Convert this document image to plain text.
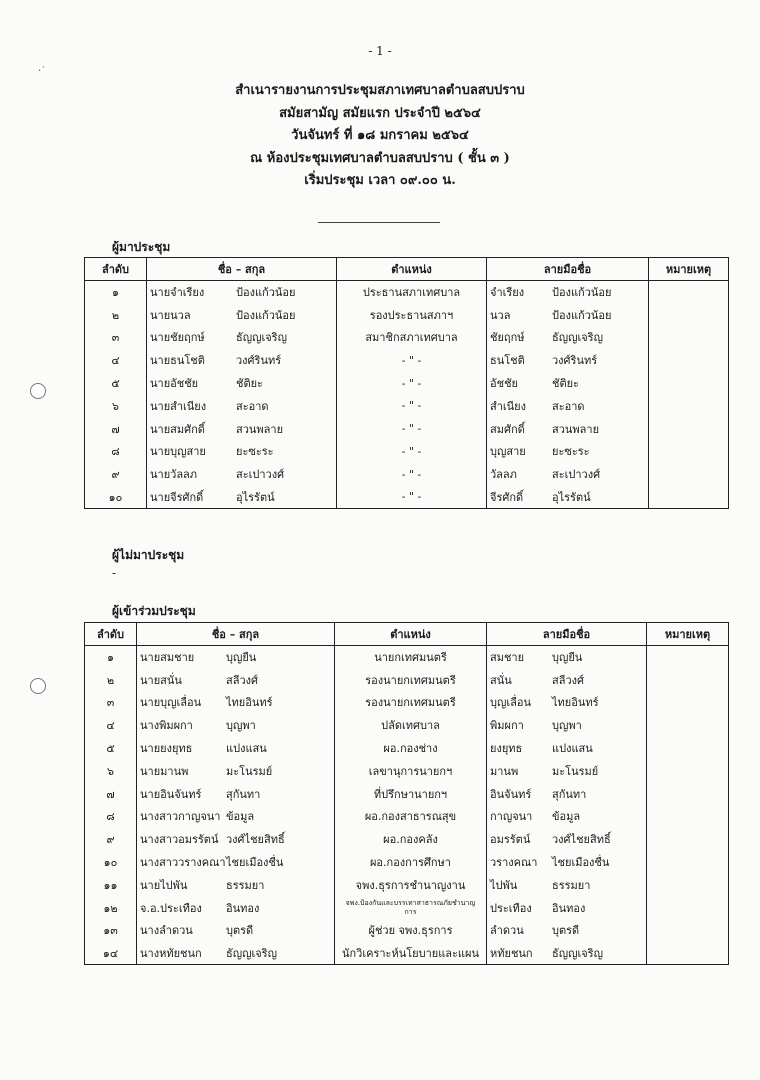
·˙
- 1 -
สำเนารายงานการประชุมสภาเทศบาลตำบลสบปราบ
สมัยสามัญ สมัยแรก ประจำปี ๒๕๖๔
วันจันทร์ ที่ ๑๘ มกราคม ๒๕๖๔
ณ ห้องประชุมเทศบาลตำบลสบปราบ ( ชั้น ๓ )
เริ่มประชุม เวลา ๐๙.๐๐ น.
ผู้มาประชุม
ลำดับ	ชื่อ – สกุล	ตำแหน่ง	ลายมือชื่อ	หมายเหตุ
๑	นายจำเรียง ป้องแก้วน้อย	ประธานสภาเทศบาล	จำเรียง ป้องแก้วน้อย	
๒	นายนวล ป้องแก้วน้อย	รองประธานสภาฯ	นวล ป้องแก้วน้อย	
๓	นายชัยฤกษ์ ธัญญเจริญ	สมาชิกสภาเทศบาล	ชัยฤกษ์ ธัญญเจริญ	
๔	นายธนโชติ วงศ์รินทร์	- " -	ธนโชติ วงศ์รินทร์	
๕	นายอัชชัย ชัติยะ	- " -	อัชชัย ชัติยะ	
๖	นายสำเนียง สะอาด	- " -	สำเนียง สะอาด	
๗	นายสมศักดิ์ สวนพลาย	- " -	สมศักดิ์ สวนพลาย	
๘	นายบุญสาย ยะซะระ	- " -	บุญสาย ยะซะระ	
๙	นายวัลลภ สะเปาวงศ์	- " -	วัลลภ สะเปาวงศ์	
๑๐	นายจีรศักดิ์ อุไรรัตน์	- " -	จีรศักดิ์ อุไรรัตน์	
ผู้ไม่มาประชุม
-
ผู้เข้าร่วมประชุม
ลำดับ	ชื่อ – สกุล	ตำแหน่ง	ลายมือชื่อ	หมายเหตุ
๑	นายสมชาย บุญยืน	นายกเทศมนตรี	สมชาย บุญยืน	
๒	นายสนั่น สลีวงศ์	รองนายกเทศมนตรี	สนั่น สลีวงศ์	
๓	นายบุญเลื่อน ไทยอินทร์	รองนายกเทศมนตรี	บุญเลื่อน ไทยอินทร์	
๔	นางพิมผกา บุญพา	ปลัดเทศบาล	พิมผกา บุญพา	
๕	นายยงยุทธ แปงแสน	ผอ.กองช่าง	ยงยุทธ แปงแสน	
๖	นายมานพ มะโนรมย์	เลขานุการนายกฯ	มานพ มะโนรมย์	
๗	นายอินจันทร์ สุกันทา	ที่ปรึกษานายกฯ	อินจันทร์ สุกันทา	
๘	นางสาวกาญจนา ข้อมูล	ผอ.กองสาธารณสุข	กาญจนา ข้อมูล	
๙	นางสาวอมรรัตน์ วงศ์ไชยสิทธิ์	ผอ.กองคลัง	อมรรัตน์ วงศ์ไชยสิทธิ์	
๑๐	นางสาววรางคณาไชยเมืองชื่น	ผอ.กองการศึกษา	วรางคณา ไชยเมืองชื่น	
๑๑	นายไปพัน ธรรมยา	จพง.ธุรการชำนาญงาน	ไปพัน ธรรมยา	
๑๒	จ.อ.ประเทือง อินทอง	จพง.ป้องกันและบรรเทาสาธารณภัยชำนาญการ	ประเทือง อินทอง	
๑๓	นางลำดวน บุตรดี	ผู้ช่วย จพง.ธุรการ	ลำดวน บุตรดี	
๑๔	นางหทัยชนก ธัญญเจริญ	นักวิเคราะห์นโยบายและแผน	หทัยชนก ธัญญเจริญ	
